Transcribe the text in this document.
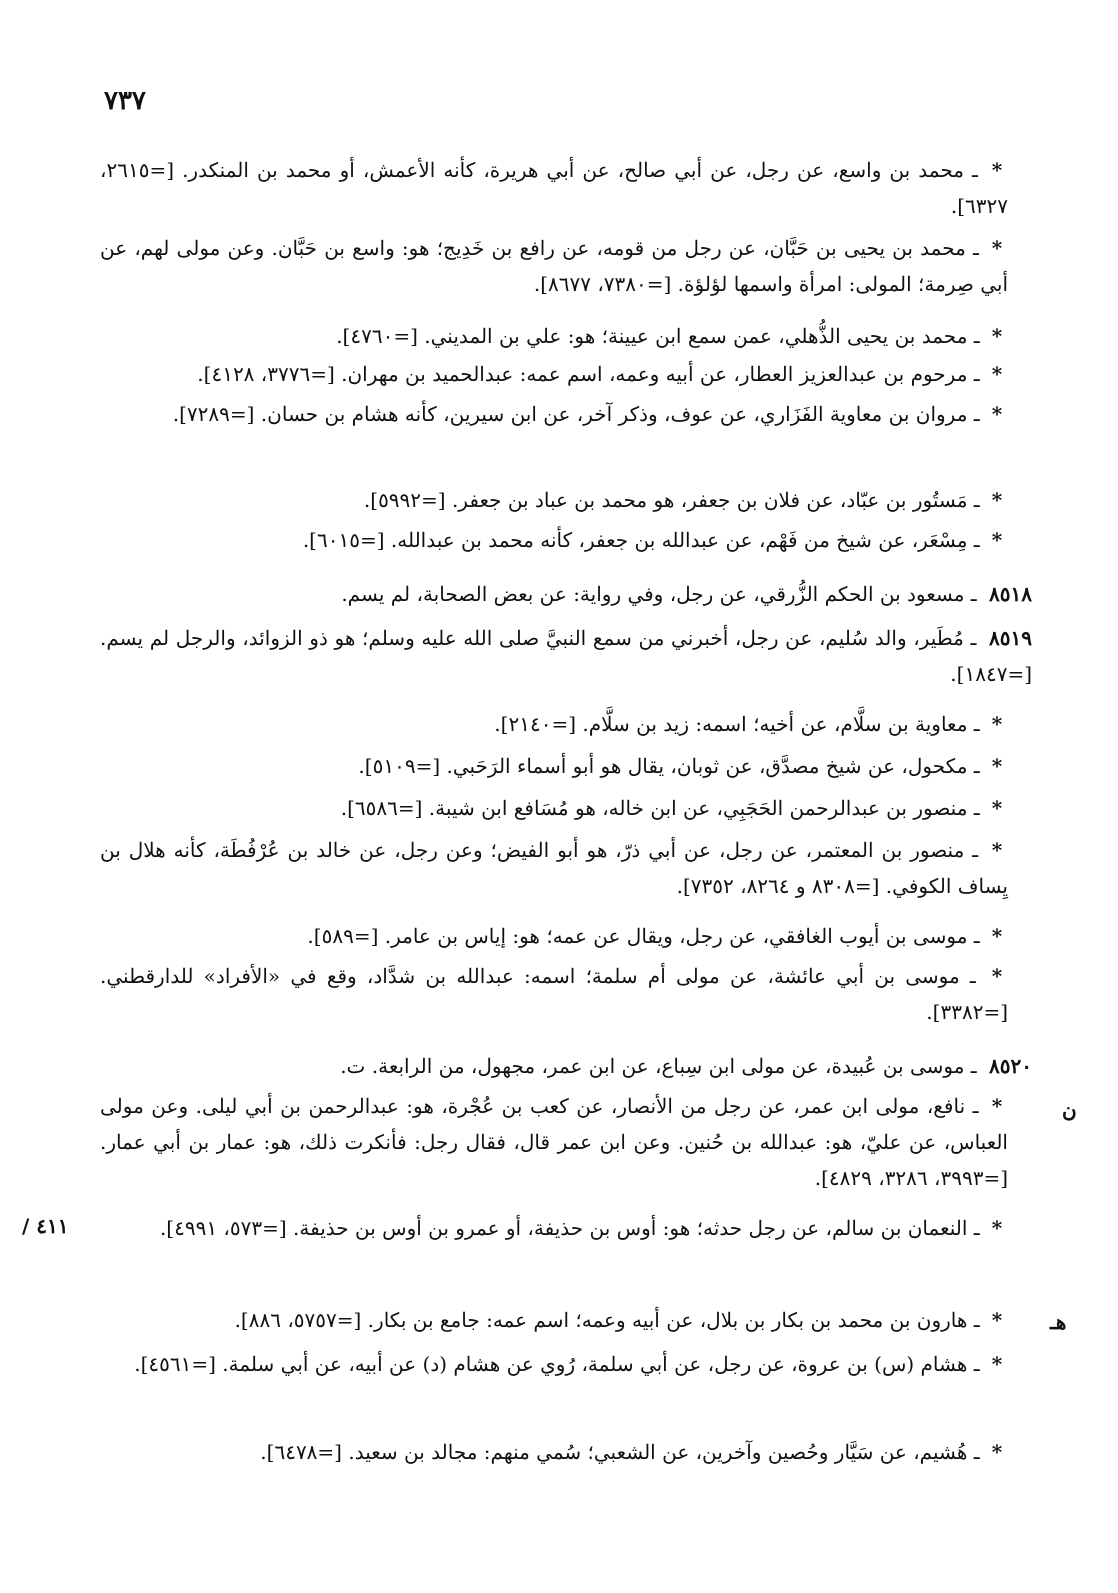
٧٣٧
* ـ محمد بن واسع، عن رجل، عن أبي صالح، عن أبي هريرة، كأنه الأعمش، أو محمد بن المنكدر. [=٢٦١٥، ٦٣٢٧].
* ـ محمد بن يحيى بن حَبَّان، عن رجل من قومه، عن رافع بن خَدِيج؛ هو: واسع بن حَبَّان. وعن مولى لهم، عن أبي صِرمة؛ المولى: امرأة واسمها لؤلؤة. [=٧٣٨٠، ٨٦٧٧].
* ـ محمد بن يحيى الذُّهلي، عمن سمع ابن عيينة؛ هو: علي بن المديني. [=٤٧٦٠].
* ـ مرحوم بن عبدالعزيز العطار، عن أبيه وعمه، اسم عمه: عبدالحميد بن مهران. [=٣٧٧٦، ٤١٢٨].
* ـ مروان بن معاوية الفَزَاري، عن عوف، وذكر آخر، عن ابن سيرين، كأنه هشام بن حسان. [=٧٢٨٩].
* ـ مَستُور بن عبّاد، عن فلان بن جعفر، هو محمد بن عباد بن جعفر. [=٥٩٩٢].
* ـ مِسْعَر، عن شيخ من فَهْم، عن عبدالله بن جعفر، كأنه محمد بن عبدالله. [=٦٠١٥].
٨٥١٨ ـ مسعود بن الحكم الزُّرقي، عن رجل، وفي رواية: عن بعض الصحابة، لم يسم.
٨٥١٩ ـ مُطَير، والد سُليم، عن رجل، أخبرني من سمع النبيَّ صلى الله عليه وسلم؛ هو ذو الزوائد، والرجل لم يسم. [=١٨٤٧].
* ـ معاوية بن سلَّام، عن أخيه؛ اسمه: زيد بن سلَّام. [=٢١٤٠].
* ـ مكحول، عن شيخ مصدَّق، عن ثوبان، يقال هو أبو أسماء الرَحَبي. [=٥١٠٩].
* ـ منصور بن عبدالرحمن الحَجَبِي، عن ابن خاله، هو مُسَافع ابن شيبة. [=٦٥٨٦].
* ـ منصور بن المعتمر، عن رجل، عن أبي ذرّ، هو أبو الفيض؛ وعن رجل، عن خالد بن عُرْفُطَة، كأنه هلال بن يِساف الكوفي. [=٨٣٠٨ و ٨٢٦٤، ٧٣٥٢].
* ـ موسى بن أيوب الغافقي، عن رجل، ويقال عن عمه؛ هو: إياس بن عامر. [=٥٨٩].
* ـ موسى بن أبي عائشة، عن مولى أم سلمة؛ اسمه: عبدالله بن شدَّاد، وقع في «الأفراد» للدارقطني. [=٣٣٨٢].
٨٥٢٠ ـ موسى بن عُبيدة، عن مولى ابن سِباع، عن ابن عمر، مجهول، من الرابعة. ت.
* ـ نافع، مولى ابن عمر، عن رجل من الأنصار، عن كعب بن عُجْرة، هو: عبدالرحمن بن أبي ليلى. وعن مولى العباس، عن عليّ، هو: عبدالله بن حُنين. وعن ابن عمر قال، فقال رجل: فأنكرت ذلك، هو: عمار بن أبي عمار. [=٣٩٩٣، ٣٢٨٦، ٤٨٢٩].
* ـ النعمان بن سالم، عن رجل حدثه؛ هو: أوس بن حذيفة، أو عمرو بن أوس بن حذيفة. [=٥٧٣، ٤٩٩١].
* ـ هارون بن محمد بن بكار بن بلال، عن أبيه وعمه؛ اسم عمه: جامع بن بكار. [=٥٧٥٧، ٨٨٦].
* ـ هشام (س) بن عروة، عن رجل، عن أبي سلمة، رُوي عن هشام (د) عن أبيه، عن أبي سلمة. [=٤٥٦١].
* ـ هُشيم، عن سَيَّار وحُصين وآخرين، عن الشعبي؛ سُمي منهم: مجالد بن سعيد. [=٦٤٧٨].
ن
٤١١ /
هـ
